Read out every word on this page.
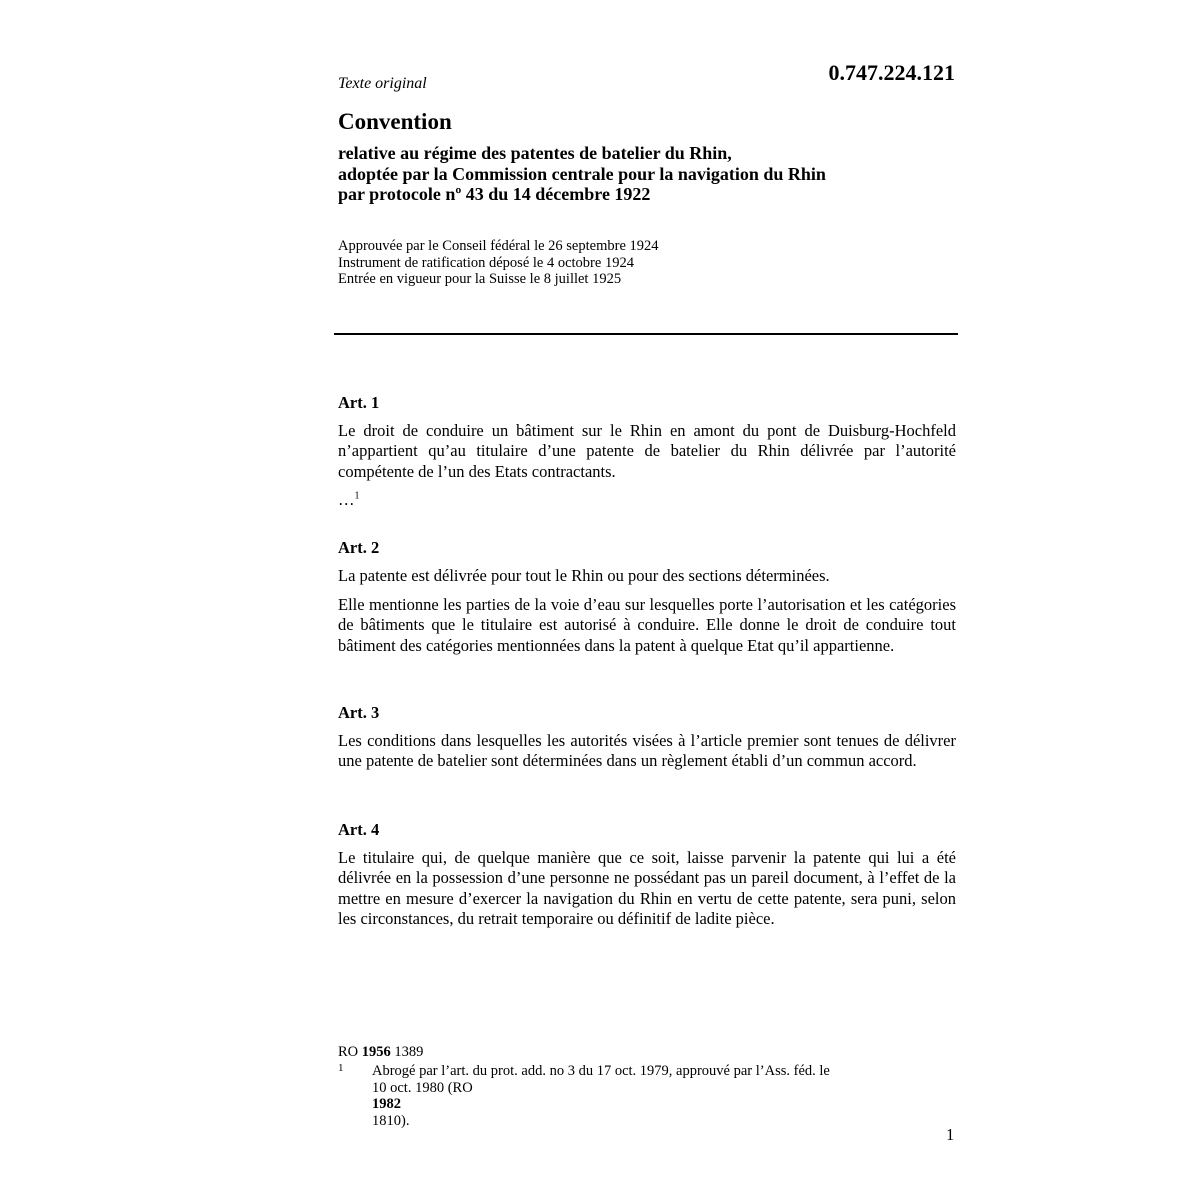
0.747.224.121

Texte original

Convention
relative au régime des patentes de batelier du Rhin,
adoptée par la Commission centrale pour la navigation du Rhin
par protocole nº 43 du 14 décembre 1922

Approuvée par le Conseil fédéral le 26 septembre 1924
Instrument de ratification déposé le 4 octobre 1924
Entrée en vigueur pour la Suisse le 8 juillet 1925

Art. 1

Le droit de conduire un bâtiment sur le Rhin en amont du pont de Duisburg-Hochfeld n’appartient qu’au titulaire d’une patente de batelier du Rhin délivrée par l’autorité compétente de l’un des Etats contractants.

…$^1$

Art. 2

La patente est délivrée pour tout le Rhin ou pour des sections déterminées.

Elle mentionne les parties de la voie d’eau sur lesquelles porte l’autorisation et les catégories de bâtiments que le titulaire est autorisé à conduire. Elle donne le droit de conduire tout bâtiment des catégories mentionnées dans la patent à quelque Etat qu’il appartienne.

Art. 3

Les conditions dans lesquelles les autorités visées à l’article premier sont tenues de délivrer une patente de batelier sont déterminées dans un règlement établi d’un commun accord.

Art. 4

Le titulaire qui, de quelque manière que ce soit, laisse parvenir la patente qui lui a été délivrée en la possession d’une personne ne possédant pas un pareil document, à l’effet de la mettre en mesure d’exercer la navigation du Rhin en vertu de cette patente, sera puni, selon les circonstances, du retrait temporaire ou définitif de ladite pièce.

RO 1956 1389

1 Abrogé par l’art. du prot. add. no 3 du 17 oct. 1979, approuvé par l’Ass. féd. le
10 oct. 1980 (RO
1982
1810).

1
